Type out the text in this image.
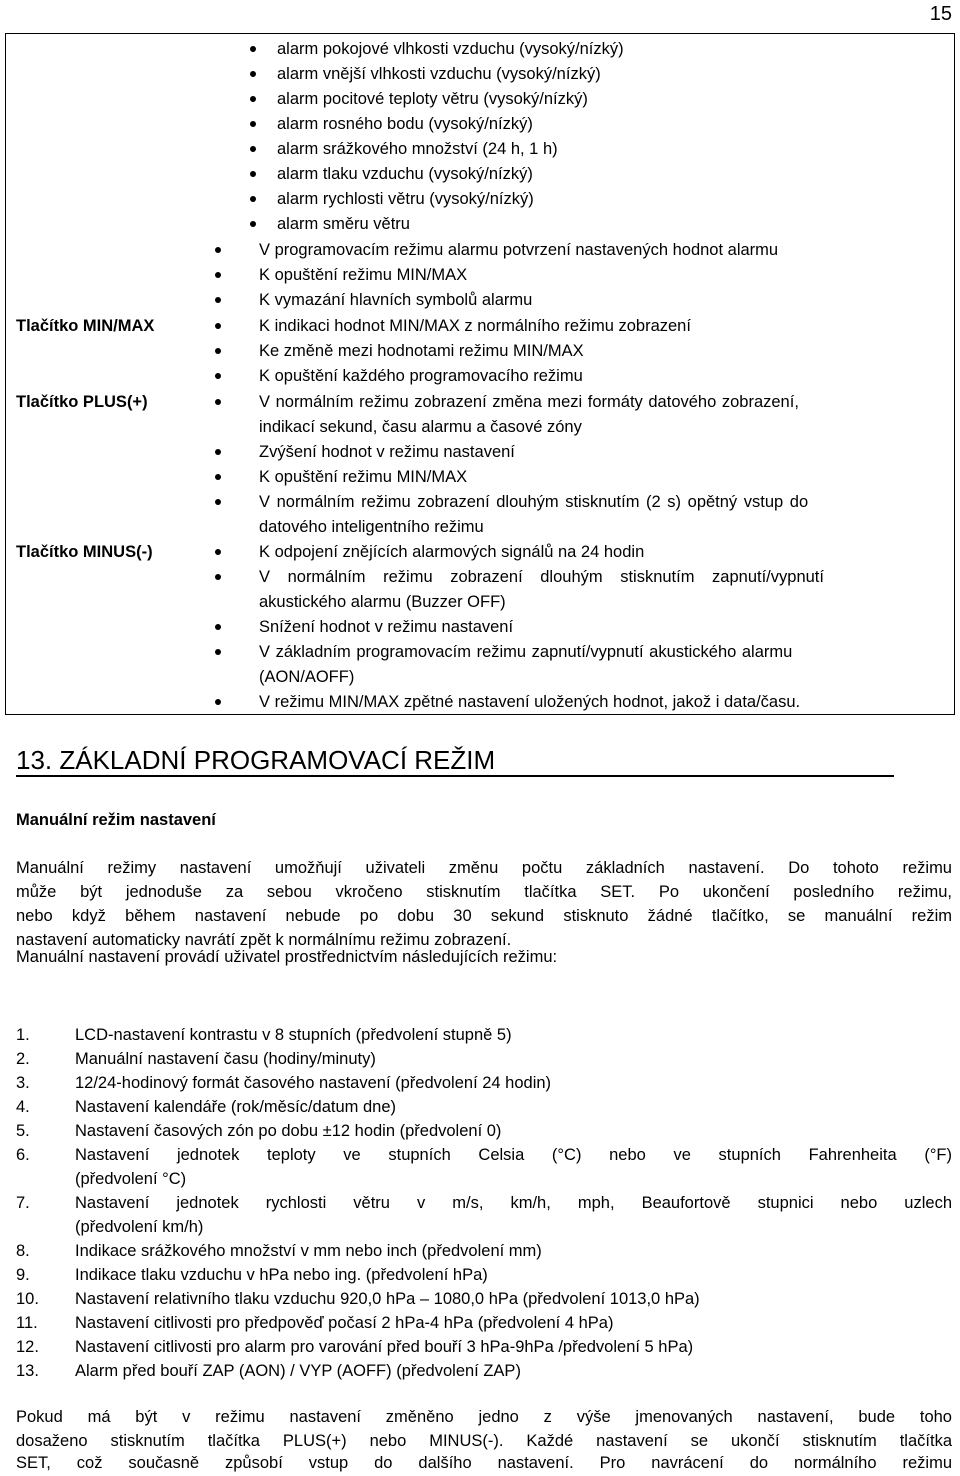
15
alarm pokojové vlhkosti vzduchu (vysoký/nízký)
alarm vnější vlhkosti vzduchu (vysoký/nízký)
alarm pocitové teploty větru (vysoký/nízký)
alarm rosného bodu (vysoký/nízký)
alarm srážkového množství (24 h, 1 h)
alarm tlaku vzduchu (vysoký/nízký)
alarm rychlosti větru (vysoký/nízký)
alarm směru větru
V programovacím režimu alarmu potvrzení nastavených hodnot alarmu
K opuštění režimu MIN/MAX
K vymazání hlavních symbolů alarmu
Tlačítko MIN/MAX	K indikaci hodnot MIN/MAX z normálního režimu zobrazení
Ke změně mezi hodnotami režimu MIN/MAX
K opuštění každého programovacího režimu
Tlačítko PLUS(+)	V normálním režimu zobrazení změna mezi formáty datového zobrazení,
indikací sekund, času alarmu a časové zóny
Zvýšení hodnot v režimu nastavení
K opuštění režimu MIN/MAX
V normálním režimu zobrazení dlouhým stisknutím (2 s) opětný vstup do
datového inteligentního režimu
Tlačítko MINUS(-)	K odpojení znějících alarmových signálů na 24 hodin
V normálním režimu zobrazení dlouhým stisknutím zapnutí/vypnutí
akustického alarmu (Buzzer OFF)
Snížení hodnot v režimu nastavení
V základním programovacím režimu zapnutí/vypnutí akustického alarmu
(AON/AOFF)
V režimu MIN/MAX zpětné nastavení uložených hodnot, jakož i data/času.
13. ZÁKLADNÍ PROGRAMOVACÍ REŽIM
Manuální režim nastavení
Manuální režimy nastavení umožňují uživateli změnu počtu základních nastavení. Do tohoto režimu
může být jednoduše za sebou vkročeno stisknutím tlačítka SET. Po ukončení posledního režimu,
nebo když během nastavení nebude po dobu 30 sekund stisknuto žádné tlačítko, se manuální režim
nastavení automaticky navrátí zpět k normálnímu režimu zobrazení.
Manuální nastavení provádí uživatel prostřednictvím následujících režimu:
1.	LCD-nastavení kontrastu v 8 stupních (předvolení stupně 5)
2.	Manuální nastavení času (hodiny/minuty)
3.	12/24-hodinový formát časového nastavení (předvolení 24 hodin)
4.	Nastavení kalendáře (rok/měsíc/datum dne)
5.	Nastavení časových zón po dobu ±12 hodin (předvolení 0)
6.	Nastavení jednotek teploty ve stupních Celsia (°C) nebo ve stupních Fahrenheita (°F)
(předvolení °C)
7.	Nastavení jednotek rychlosti větru v m/s, km/h, mph, Beaufortově stupnici nebo uzlech
(předvolení km/h)
8.	Indikace srážkového množství v mm nebo inch (předvolení mm)
9.	Indikace tlaku vzduchu v hPa nebo ing. (předvolení hPa)
10. Nastavení relativního tlaku vzduchu 920,0 hPa – 1080,0 hPa (předvolení 1013,0 hPa)
11. Nastavení citlivosti pro předpověď počasí 2 hPa-4 hPa (předvolení 4 hPa)
12. Nastavení citlivosti pro alarm pro varování před bouří 3 hPa-9hPa /předvolení 5 hPa)
13. Alarm před bouří ZAP (AON) / VYP (AOFF) (předvolení ZAP)
Pokud má být v režimu nastavení změněno jedno z výše jmenovaných nastavení, bude toho
dosaženo stisknutím tlačítka PLUS(+) nebo MINUS(-). Každé nastavení se ukončí stisknutím tlačítka
SET, což současně způsobí vstup do dalšího nastavení. Pro navrácení do normálního režimu
